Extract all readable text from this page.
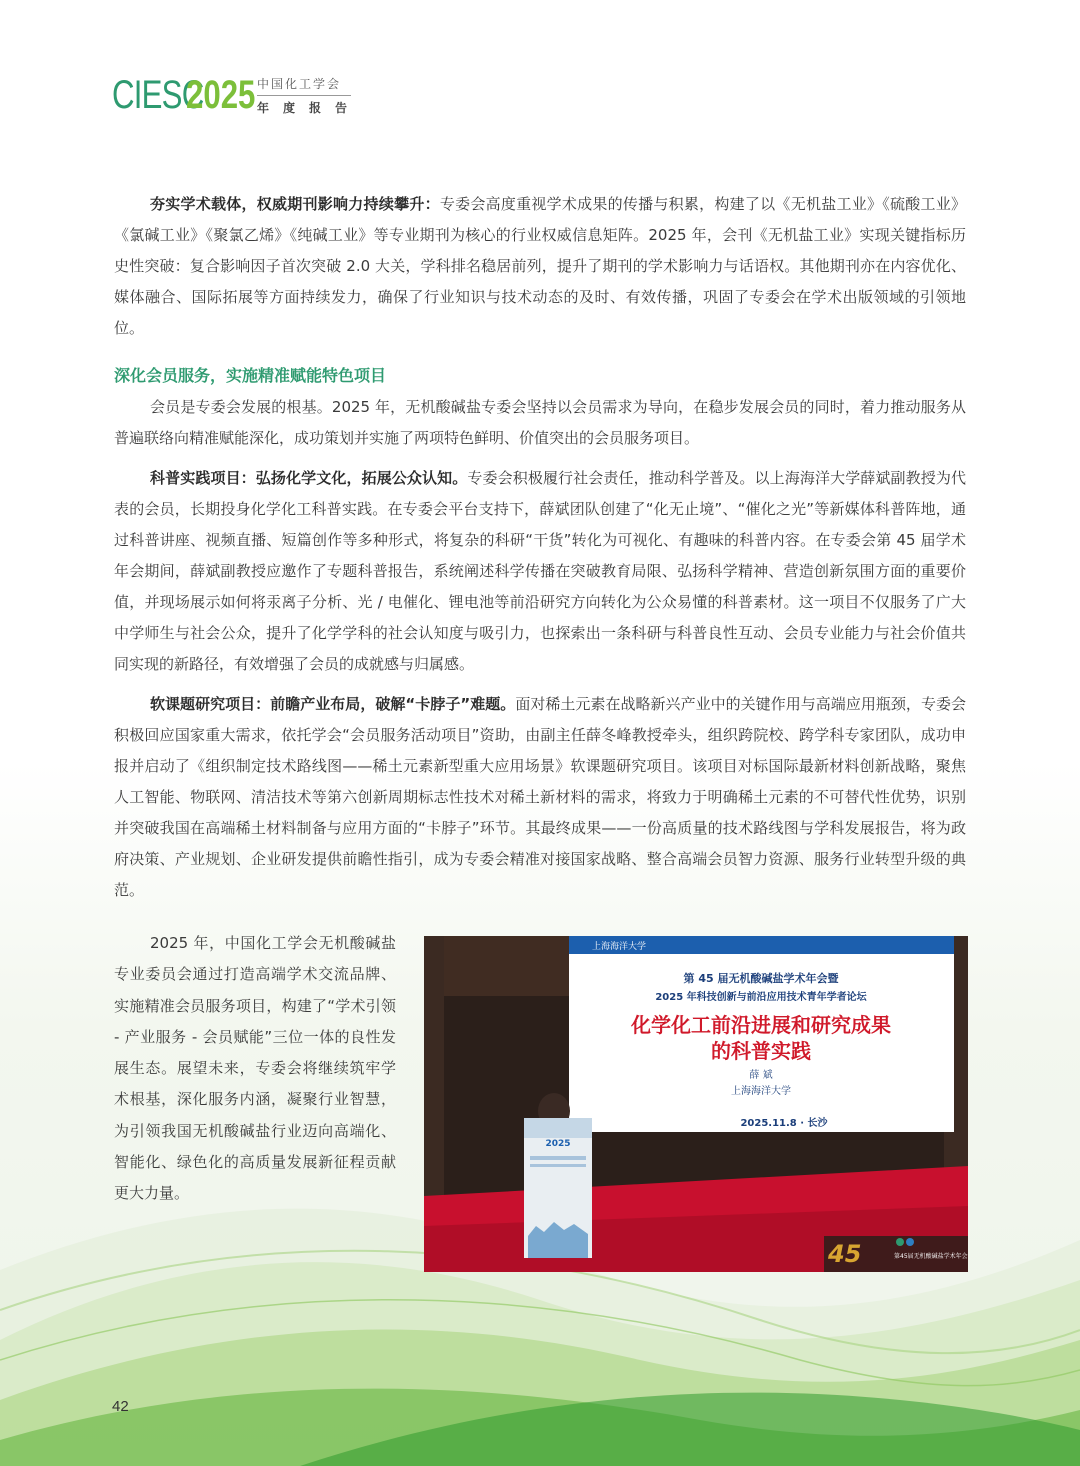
CIESC
2025 中国化工学会
年度报告

夯实学术载体，权威期刊影响力持续攀升：专委会高度重视学术成果的传播与积累，构建了以《无机盐工业》《硫酸工业》《氯碱工业》《聚氯乙烯》《纯碱工业》等专业期刊为核心的行业权威信息矩阵。2025 年，会刊《无机盐工业》实现关键指标历史性突破：复合影响因子首次突破 2.0 大关，学科排名稳居前列，提升了期刊的学术影响力与话语权。其他期刊亦在内容优化、媒体融合、国际拓展等方面持续发力，确保了行业知识与技术动态的及时、有效传播，巩固了专委会在学术出版领域的引领地位。

深化会员服务，实施精准赋能特色项目

会员是专委会发展的根基。2025 年，无机酸碱盐专委会坚持以会员需求为导向，在稳步发展会员的同时，着力推动服务从普遍联络向精准赋能深化，成功策划并实施了两项特色鲜明、价值突出的会员服务项目。

科普实践项目：弘扬化学文化，拓展公众认知。专委会积极履行社会责任，推动科学普及。以上海海洋大学薛斌副教授为代表的会员，长期投身化学化工科普实践。在专委会平台支持下，薛斌团队创建了“化无止境”、“催化之光”等新媒体科普阵地，通过科普讲座、视频直播、短篇创作等多种形式，将复杂的科研“干货”转化为可视化、有趣味的科普内容。在专委会第 45 届学术年会期间，薛斌副教授应邀作了专题科普报告，系统阐述科学传播在突破教育局限、弘扬科学精神、营造创新氛围方面的重要价值，并现场展示如何将汞离子分析、光 / 电催化、锂电池等前沿研究方向转化为公众易懂的科普素材。这一项目不仅服务了广大中学师生与社会公众，提升了化学学科的社会认知度与吸引力，也探索出一条科研与科普良性互动、会员专业能力与社会价值共同实现的新路径，有效增强了会员的成就感与归属感。

软课题研究项目：前瞻产业布局，破解“卡脖子”难题。面对稀土元素在战略新兴产业中的关键作用与高端应用瓶颈，专委会积极回应国家重大需求，依托学会“会员服务活动项目”资助，由副主任薛冬峰教授牵头，组织跨院校、跨学科专家团队，成功申报并启动了《组织制定技术路线图——稀土元素新型重大应用场景》软课题研究项目。该项目对标国际最新材料创新战略，聚焦人工智能、物联网、清洁技术等第六创新周期标志性技术对稀土新材料的需求，将致力于明确稀土元素的不可替代性优势，识别并突破我国在高端稀土材料制备与应用方面的“卡脖子”环节。其最终成果——一份高质量的技术路线图与学科发展报告，将为政府决策、产业规划、企业研发提供前瞻性指引，成为专委会精准对接国家战略、整合高端会员智力资源、服务行业转型升级的典范。

2025 年，中国化工学会无机酸碱盐专业委员会通过打造高端学术交流品牌、实施精准会员服务项目，构建了“学术引领 - 产业服务 - 会员赋能”三位一体的良性发展生态。展望未来，专委会将继续筑牢学术根基，深化服务内涵，凝聚行业智慧，为引领我国无机酸碱盐行业迈向高端化、智能化、绿色化的高质量发展新征程贡献更大力量。

上海海洋大学
第 45 届无机酸碱盐学术年会暨
2025 年科技创新与前沿应用技术青年学者论坛
化学化工前沿进展和研究成果
的科普实践
薛 斌
上海海洋大学
2025.11.8 · 长沙
2025
45	第45届无机酸碱盐学术年会
42
